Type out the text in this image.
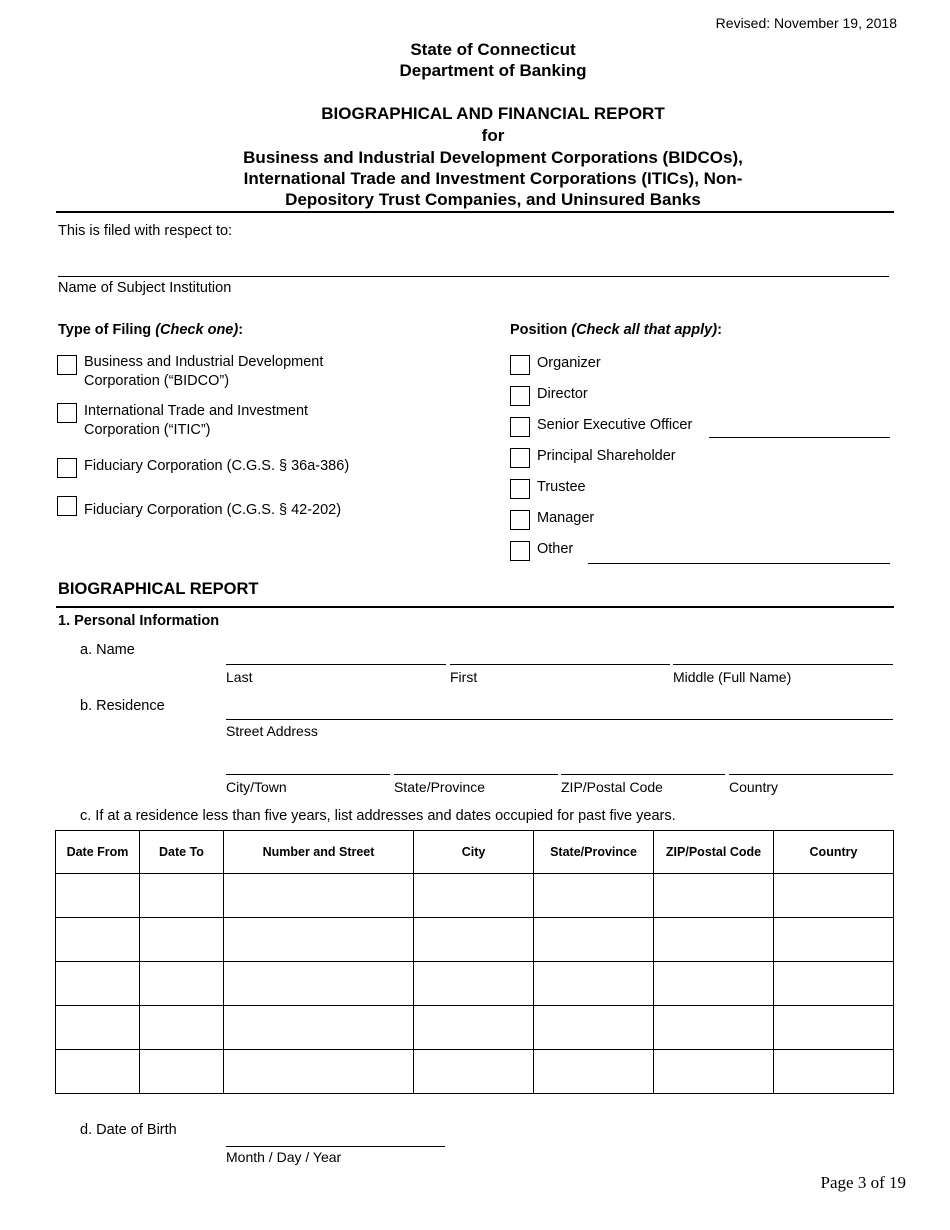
Revised: November 19, 2018
State of Connecticut
Department of Banking
BIOGRAPHICAL AND FINANCIAL REPORT
for
Business and Industrial Development Corporations (BIDCOs),
International Trade and Investment Corporations (ITICs), Non-
Depository Trust Companies, and Uninsured Banks
This is filed with respect to:
Name of Subject Institution
Type of Filing (Check one):
Business and Industrial Development
Corporation (“BIDCO”)
International Trade and Investment
Corporation (“ITIC”)
Fiduciary Corporation (C.G.S. § 36a-386)
Fiduciary Corporation (C.G.S. § 42-202)
Position (Check all that apply):
Organizer
Director
Senior Executive Officer
Principal Shareholder
Trustee
Manager
Other
BIOGRAPHICAL REPORT
1. Personal Information
a. Name
Last	First	Middle (Full Name)
b. Residence
Street Address
City/Town	State/Province	ZIP/Postal Code	Country
c. If at a residence less than five years, list addresses and dates occupied for past five years.
Date From	Date To	Number and Street	City	State/Province	ZIP/Postal Code	Country

d. Date of Birth
Month / Day / Year
Page 3 of 19
